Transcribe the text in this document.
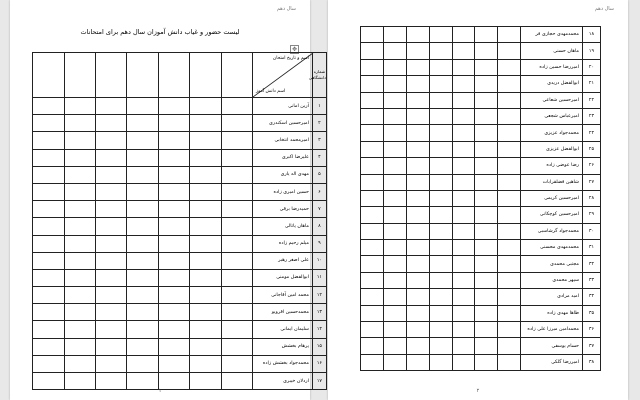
سال دهم
لیست حضور و غیاب دانش آموزان سال دهم برای امتحانات
✥
شماره دانشگاهی	اسم و تاریخ امتحان
اسم دانش آموز							

۱	آرین امانی							
۲	امیرحسین اسکندری							
۳	امیرمحمد انتخابی							
۴	علیرضا اکبری							
۵	مهدی اله یاری							
۶	حسین امیری زاده							
۷	حمیدرضا برقی							
۸	ماهان پاتالی							
۹	میلم رحیم زاده							
۱۰	علی اصغر رهبر							
۱۱	ابوالفضل مومنی							
۱۲	محمد امین آقاجانی							
۱۳	محمدحسین اقرویو							
۱۴	سلیمان ایمانی							
۱۵	پرهام بخشش							
۱۶	محمدجواد بخشش زاده							
۱۷	اردلان خیبری							
۱
سال دهم
۱۸	محمدمهدی حجازی فر							
۱۹	ماهان حسنی							
۲۰	امیررضا حسین زاده							
۲۱	ابوالفضل دریدی							
۲۲	امیرحسین شعاعی							
۲۳	امیرعباس شجعی							
۲۴	محمدجواد عزیزی							
۲۵	ابوالفضل عزیزی							
۲۶	رضا عوضی زاده							
۲۷	شاهین فضلقرابات							
۲۸	امیرحسین کریمی							
۲۹	امیرحسین کوچکانی							
۳۰	محمدجواد گرشاسبی							
۳۱	محمدمهدی محسنی							
۳۲	مجتبی محمدی							
۳۳	سپهر محمدی							
۳۴	امید مرادی							
۳۵	طاها مهدی زاده							
۳۶	محمدامین میرزا علی زاده							
۳۷	حسام یوسفی							
۳۸	امیررضا گلکی							
۲
